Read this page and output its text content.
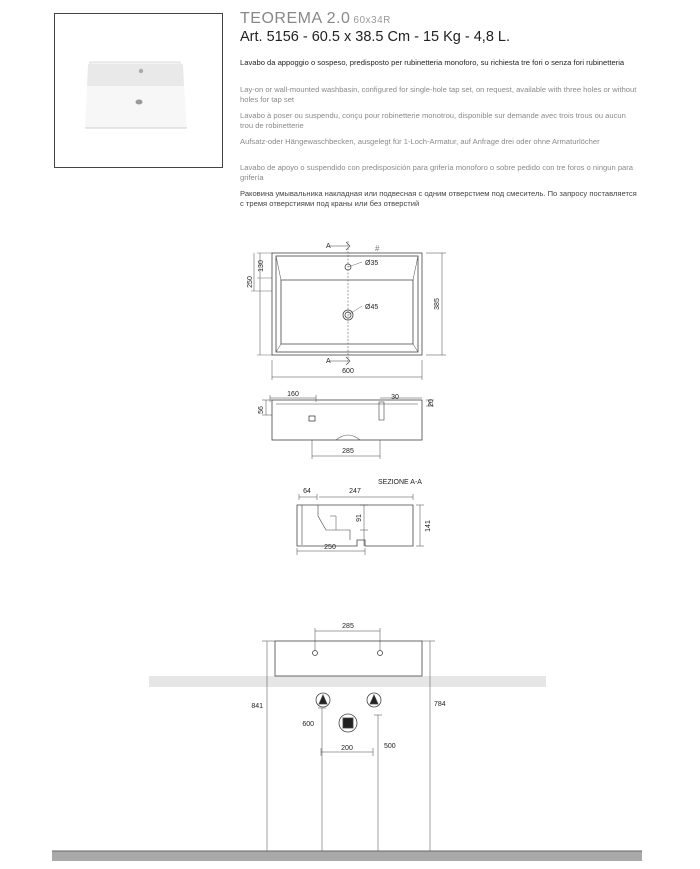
TEOREMA 2.0 60x34R
Art. 5156 - 60.5 x 38.5 Cm - 15 Kg - 4,8 L.
Lavabo da appoggio o sospeso, predisposto per rubinetteria monoforo, su richiesta tre fori o senza fori rubinetteria
Lay-on or wall-mounted washbasin, configured for single-hole tap set, on request, available with three holes or without holes for tap set
Lavabo à poser ou suspendu, conçu pour robinetterie monotrou, disponible sur demande avec trois trous ou aucun trou de robinetterie
Aufsatz-oder Hängewaschbecken, ausgelegt für 1-Loch-Armatur, auf Anfrage drei oder ohne Armaturlöcher
Lavabo de apoyo o suspendido con predisposición para grifería monoforo o sobre pedido con tre foros o ningun para grifería
Раковина умывальника накладная или подвесная с одним отверстием под смеситель. По запросу поставляется с тремя отверстиями под краны или без отверстий
A
A
#
Ø35
Ø45
130
250
385
600
160	30
20
56
285
SEZIONE A-A
64	247
91
141
250
285
841	784
600
500
200
